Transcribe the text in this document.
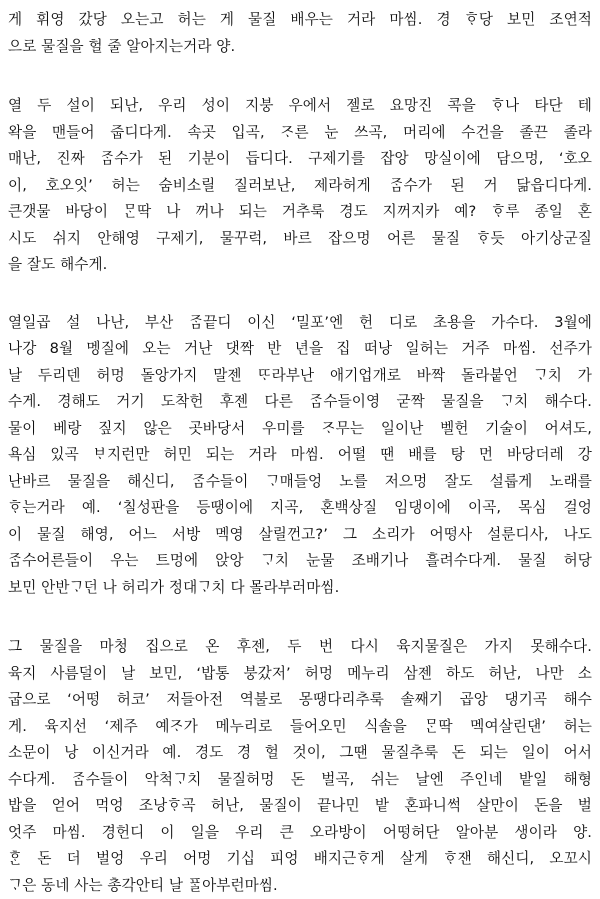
게 휘영 갔당 오는고 허는 게 물질 배우는 거라 마씸. 경 ᄒᆞ당 보민 조연적
으로 물질을 헐 줄 알아지는거라 양.
열 두 설이 되난, 우리 성이 지붕 우에서 젤로 요망진 콕을 ᄒᆞ나 타단 테
왁을 맨들어 줍디다게. 속곳 입곡, ᄌᆞ른 눈 쓰곡, 머리에 수건을 졸끈 졸라
매난, 진짜 ᄌᆞᆷ수가 된 기분이 듭디다. 구제기를 잡앙 망실이에 담으멍, ‘호오
이, 호오잇’ 허는 숨비소릴 질러보난, 제라허게 ᄌᆞᆷ수가 된 거 닮읍디다게.
큰갯물 바당이 ᄆᆞᆫ딱 나 꺼나 되는 거추룩 경도 지꺼지카 예? ᄒᆞ루 종일 혼
시도 쉬지 안해영 구제기, 물꾸럭, 바르 잡으멍 어른 물질 ᄒᆞ듯 아기상군질
을 잘도 해수게.
열일곱 설 나난, 부산 ᄌᆞᆷ끝디 이신 ‘밀포’엔 헌 디로 초용을 가수다. 3월에
나강 8월 멩질에 오는 거난 댓짝 반 년을 집 떠낭 일허는 거주 마씸. 선주가
날 두리덴 허멍 돌앙가지 말젠 ᄄᆞ라부난 애기업개로 바짝 돌라붙언 ᄀᆞ치 가
수게. 경해도 거기 도착헌 후젠 다른 ᄌᆞᆷ수들이영 굳짝 물질을 ᄀᆞ치 해수다.
물이 베랑 짚지 않은 곳바당서 우미를 ᄌᆞ무는 일이난 벨헌 기술이 어셔도,
욕심 있곡 ᄇᆞ지런만 허민 되는 거라 마씸. 어떨 땐 배를 탕 먼 바당더레 강
난바르 물질을 해신디, ᄌᆞᆷ수들이 ᄀᆞ매들엉 노를 저으멍 잘도 설룹게 노래를
ᄒᆞ는거라 예. ‘칠성판을 등땡이에 지곡, 혼백상질 임댕이에 이곡, 목심 걸엉
이 물질 해영, 어느 서방 멕영 살릴껀고?’ 그 소리가 어떵사 설룬디사, 나도
ᄌᆞᆷ수어른들이 우는 트멍에 앉앙 ᄀᆞ치 눈물 조배기나 흘려수다게. 물질 허당
보민 안반ᄀᆞ던 나 허리가 정대ᄀᆞ치 다 몰라부러마씸.
그 물질을 마청 집으로 온 후젠, 두 번 다시 육지물질은 가지 못해수다.
육지 사름덜이 날 보민, ‘밥통 붕갔저’ 허멍 메누리 삼젠 하도 허난, 나만 소
굽으로 ‘어떵 허코’ 저들아전 역불로 몽땡다리추룩 솔째기 곱앙 댕기곡 해수
게. 육지선 ‘제주 예ᄌᆞ가 메누리로 들어오민 식솔을 ᄆᆞᆫ딱 멕여살린댄’ 허는
소문이 낭 이신거라 예. 경도 경 헐 것이, 그땐 물질추룩 돈 되는 일이 어서
수다게. ᄌᆞᆷ수들이 악척ᄀᆞ치 물질허멍 돈 벌곡, 쉬는 날엔 주인네 밭일 해형
밥을 얻어 먹엉 조낭ᄒᆞ곡 허난, 물질이 끝나민 밭 혼파니썩 살만이 돈을 벌
엇주 마씸. 경헌디 이 일을 우리 큰 오라방이 어떵허단 알아분 생이라 양.
ᄒᆞᆫ 돈 더 벌엉 우리 어멍 기십 피엉 배지근ᄒᆞ게 살게 ᄒᆞ잰 해신디, 오꼬시
ᄀᆞ은 동네 사는 총각안티 날 ᄑᆞᆯ아부런마씸.
